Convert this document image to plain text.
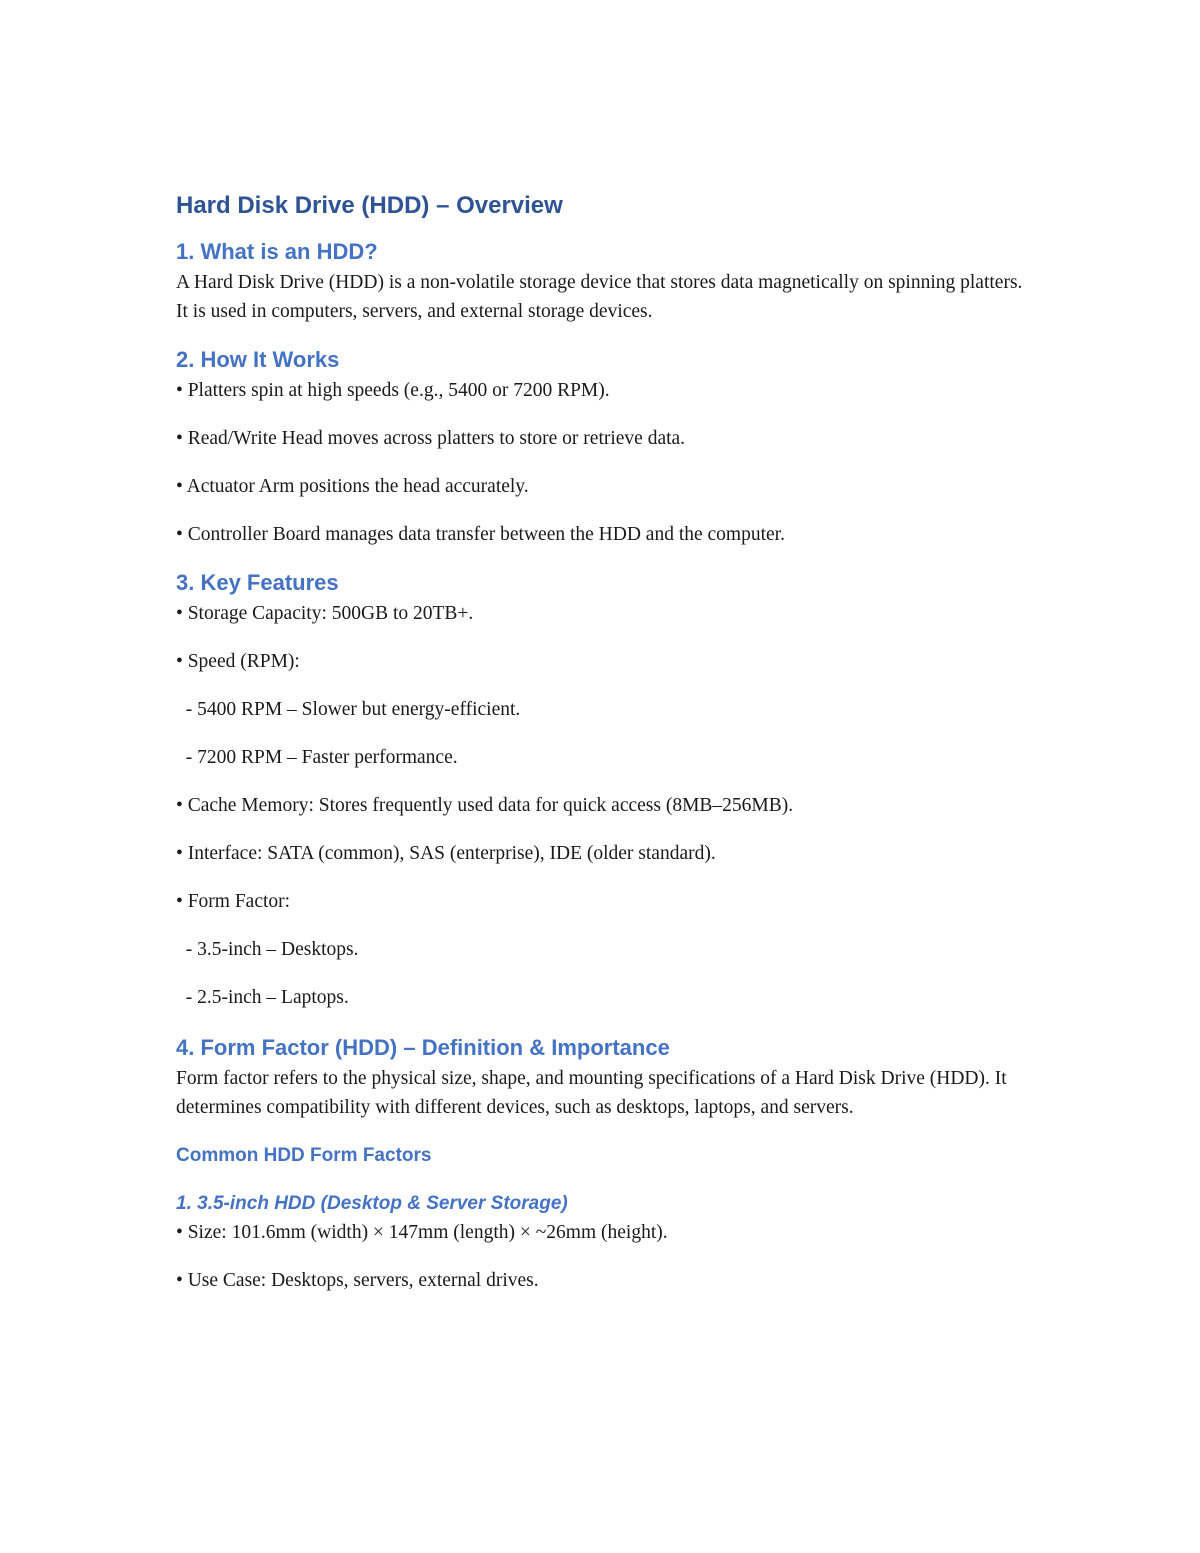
Hard Disk Drive (HDD) – Overview
1. What is an HDD?
A Hard Disk Drive (HDD) is a non-volatile storage device that stores data magnetically on spinning platters. It is used in computers, servers, and external storage devices.
2. How It Works
• Platters spin at high speeds (e.g., 5400 or 7200 RPM).
• Read/Write Head moves across platters to store or retrieve data.
• Actuator Arm positions the head accurately.
• Controller Board manages data transfer between the HDD and the computer.
3. Key Features
• Storage Capacity: 500GB to 20TB+.
• Speed (RPM):
- 5400 RPM – Slower but energy-efficient.
- 7200 RPM – Faster performance.
• Cache Memory: Stores frequently used data for quick access (8MB–256MB).
• Interface: SATA (common), SAS (enterprise), IDE (older standard).
• Form Factor:
- 3.5-inch – Desktops.
- 2.5-inch – Laptops.
4. Form Factor (HDD) – Definition & Importance
Form factor refers to the physical size, shape, and mounting specifications of a Hard Disk Drive (HDD). It determines compatibility with different devices, such as desktops, laptops, and servers.
Common HDD Form Factors
1. 3.5-inch HDD (Desktop & Server Storage)
• Size: 101.6mm (width) × 147mm (length) × ~26mm (height).
• Use Case: Desktops, servers, external drives.
